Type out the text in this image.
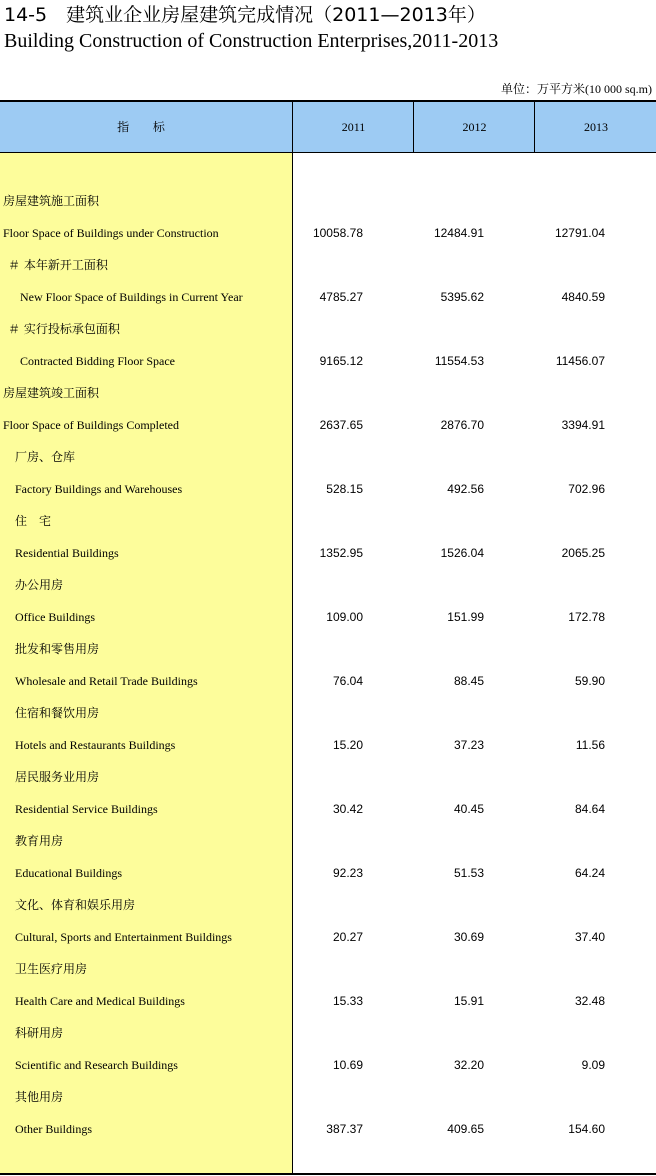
14-5　建筑业企业房屋建筑完成情况（2011—2013年）
Building Construction of Construction Enterprises,2011-2013
单位：万平方米(10 000 sq.m)
指 标	2011	2012	2013
房屋建筑施工面积
Floor Space of Buildings under Construction	10058.78	12484.91	12791.04
＃ 本年新开工面积
New Floor Space of Buildings in Current Year	4785.27	5395.62	4840.59
＃ 实行投标承包面积
Contracted Bidding Floor Space	9165.12	11554.53	11456.07
房屋建筑竣工面积
Floor Space of Buildings Completed	2637.65	2876.70	3394.91
厂房、仓库
Factory Buildings and Warehouses	528.15	492.56	702.96
住　宅
Residential Buildings	1352.95	1526.04	2065.25
办公用房
Office Buildings	109.00	151.99	172.78
批发和零售用房
Wholesale and Retail Trade Buildings	76.04	88.45	59.90
住宿和餐饮用房
Hotels and Restaurants Buildings	15.20	37.23	11.56
居民服务业用房
Residential Service Buildings	30.42	40.45	84.64
教育用房
Educational Buildings	92.23	51.53	64.24
文化、体育和娱乐用房
Cultural, Sports and Entertainment Buildings	20.27	30.69	37.40
卫生医疗用房
Health Care and Medical Buildings	15.33	15.91	32.48
科研用房
Scientific and Research Buildings	10.69	32.20	9.09
其他用房
Other Buildings	387.37	409.65	154.60
